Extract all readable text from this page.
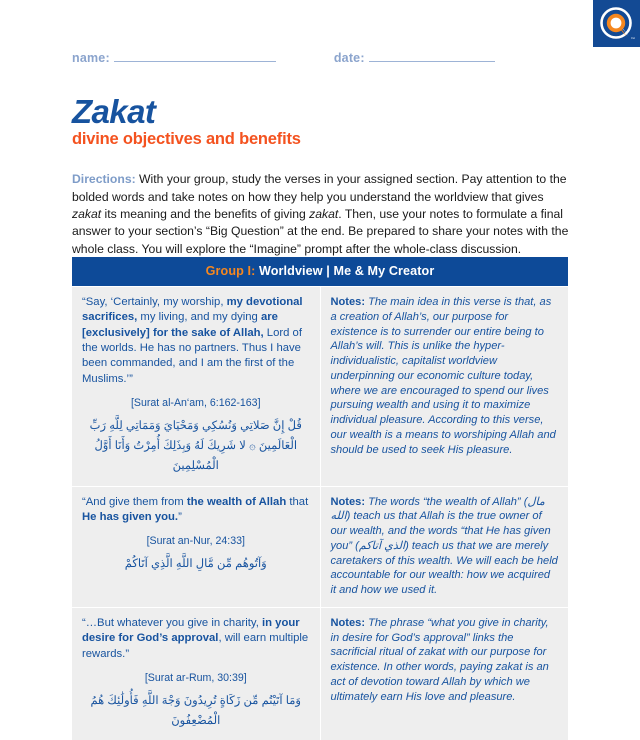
™
name:	date:
Zakat
divine objectives and benefits

Directions: With your group, study the verses in your assigned section. Pay attention to the bolded words and take notes on how they help you understand the worldview that gives zakat its meaning and the benefits of giving zakat. Then, use your notes to formulate a final answer to your section’s “Big Question” at the end. Be prepared to share your notes with the whole class. You will explore the “Imagine” prompt after the whole-class discussion.

Group I: Worldview | Me & My Creator	

“Say, ‘Certainly, my worship, my devotional sacrifices, my living, and my dying are [exclusively] for the sake of Allah, Lord of the worlds. He has no partners. Thus I have been commanded, and I am the first of the Muslims.’”

[Surat al-An‘am, 6:162-163]

قُلْ إِنَّ صَلاتِي وَنُسُكِي وَمَحْيَايَ وَمَمَاتِي لِلَّهِ رَبِّ الْعَالَمِينَ ۞ لا شَرِيكَ لَهُ وَبِذَلِكَ أُمِرْتُ وَأَنَا أَوَّلُ الْمُسْلِمِينَ

Notes: The main idea in this verse is that, as a creation of Allah’s, our purpose for existence is to surrender our entire being to Allah’s will. This is unlike the hyper-individualistic, capitalist worldview underpinning our economic culture today, where we are encouraged to spend our lives pursuing wealth and using it to maximize individual pleasure. According to this verse, our wealth is a means to worshiping Allah and should be used to seek His pleasure.

“And give them from the wealth of Allah that He has given you.”

[Surat an-Nur, 24:33]

وَآتُوهُم مِّن مَّالِ اللَّهِ الَّذِي آتَاكُمْ

Notes: The words “the wealth of Allah” (مال الله) teach us that Allah is the true owner of our wealth, and the words “that He has given you” (الذي آتاكم) teach us that we are merely caretakers of this wealth. We will each be held accountable for our wealth: how we acquired it and how we used it.

“…But whatever you give in charity, in your desire for God’s approval, will earn multiple rewards.”

[Surat ar-Rum, 30:39]

وَمَا آتَيْتُم مِّن زَكَاةٍ تُرِيدُونَ وَجْهَ اللَّهِ فَأُولَٰئِكَ هُمُ الْمُضْعِفُونَ

Notes: The phrase “what you give in charity, in desire for God’s approval” links the sacrificial ritual of zakat with our purpose for existence. In other words, paying zakat is an act of devotion toward Allah by which we ultimately earn His love and pleasure.
